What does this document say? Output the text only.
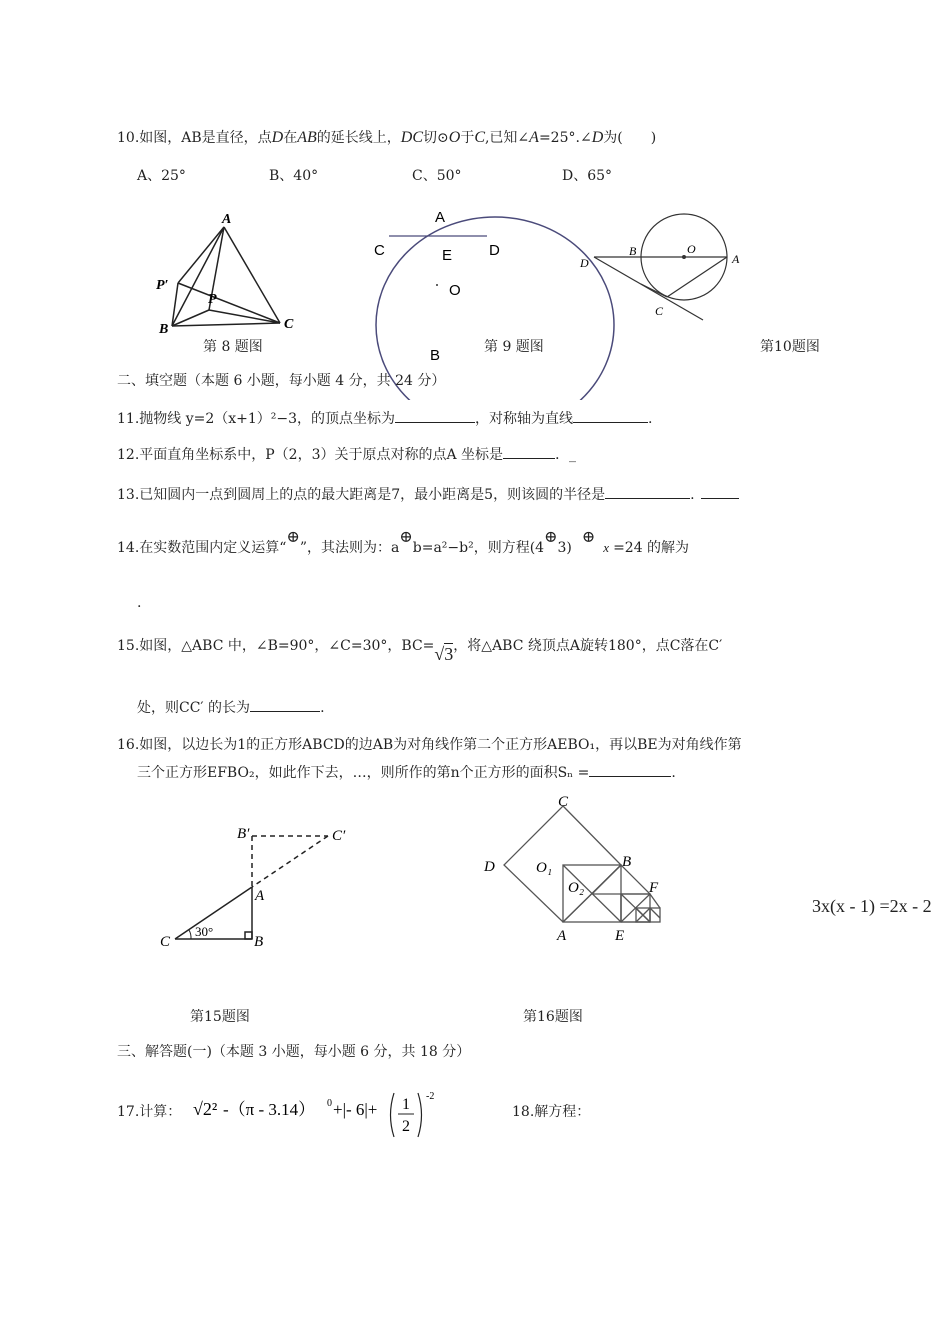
10.如图，AB是直径，点D在AB的延长线上，DC切⊙O于C,已知∠A=25°.∠D为(　　)
A、25°	B、40°	C、50°	D、65°
A
P′
P
B	C
第 8 题图
A
C	E D
O
B	第 9 题图
D
B	O
A
C
第10题图
二、填空题（本题 6 小题，每小题 4 分，共 24 分）
11.抛物线 y=2（x+1）²−3，的顶点坐标为	，对称轴为直线	.
12.平面直角坐标系中，P（2，3）关于原点对称的点A 坐标是	．_
13.已知圆内一点到圆周上的点的最大距离是7，最小距离是5，则该圆的半径是	.
14.在实数范围内定义运算“⊕”，其法则为：a⊕b=a²−b²，则方程(4⊕3)⊕x =24 的解为
.
15.如图，△ABC 中，∠B=90°，∠C=30°，BC=√3，将△ABC 绕顶点A旋转180°，点C落在C′
处，则CC′ 的长为	.
16.如图，以边长为1的正方形ABCD的边AB为对角线作第二个正方形AEBO₁，再以BE为对角线作第
三个正方形EFBO₂，如此作下去，…，则所作的第n个正方形的面积Sₙ =	.
B′	C′
A
C	B
30°
第15题图
C
D	O₁	B
O₂	F
A	E
第16题图
3x(x - 1) =2x - 2
三、解答题(一)（本题 3 小题，每小题 6 分，共 18 分）
17.计算： √2² -（π - 3.14） 0 +|- 6|+ 1
2
-2
18.解方程：
